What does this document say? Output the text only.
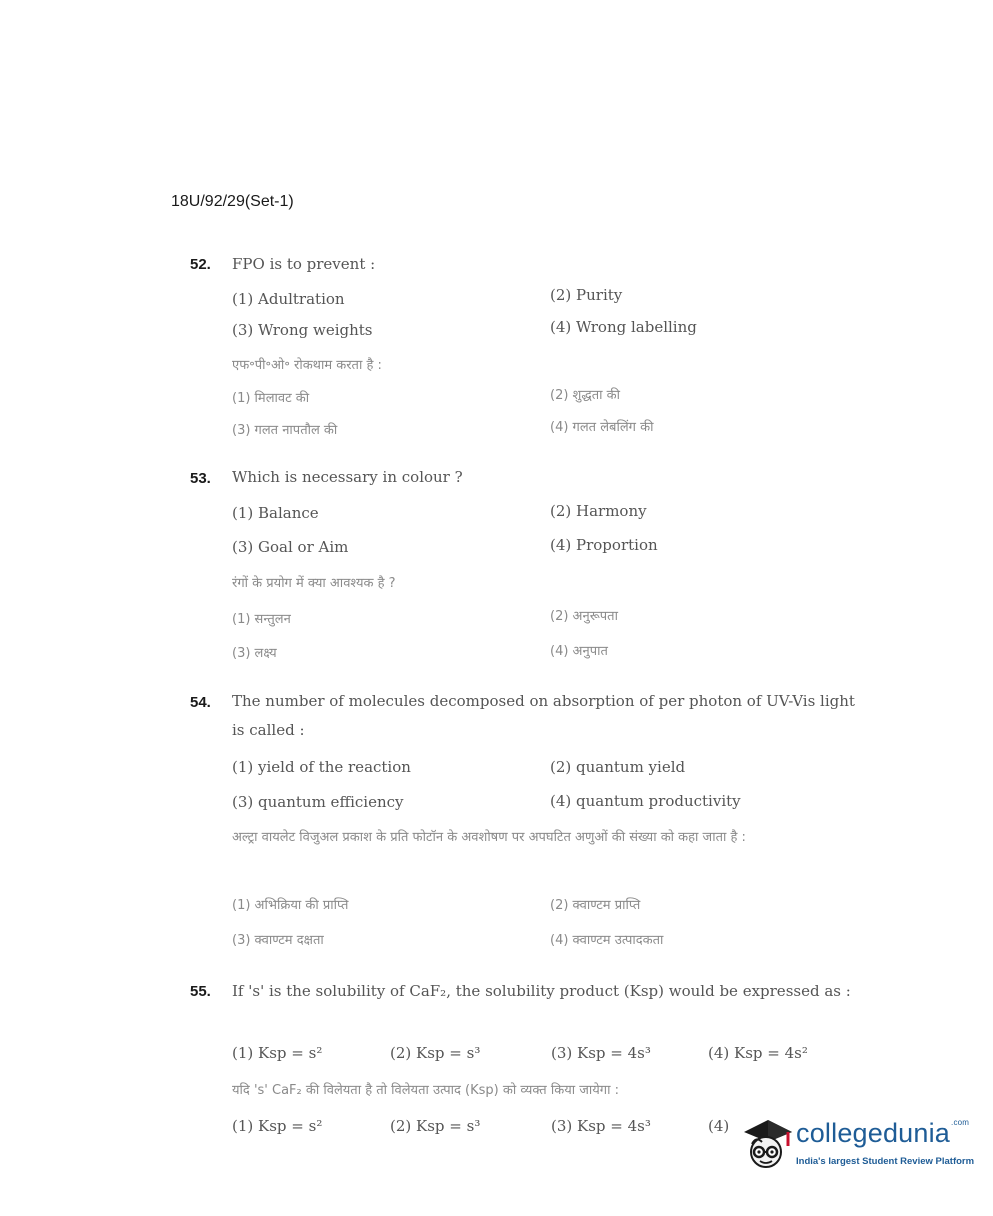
18U/92/29(Set-1)
52. FPO is to prevent :
(1) Adultration	(2) Purity
(3) Wrong weights	(4) Wrong labelling
एफ॰पी॰ओ॰ रोकथाम करता है :
(1) मिलावट की	(2) शुद्धता की
(3) गलत नापतौल की	(4) गलत लेबलिंग की
53. Which is necessary in colour ?
(1) Balance	(2) Harmony
(3) Goal or Aim	(4) Proportion
रंगों के प्रयोग में क्या आवश्यक है ?
(1) सन्तुलन	(2) अनुरूपता
(3) लक्ष्य	(4) अनुपात
54. The number of molecules decomposed on absorption of per photon of UV-Vis light is called :
(1) yield of the reaction	(2) quantum yield
(3) quantum efficiency	(4) quantum productivity
अल्ट्रा वायलेट विजुअल प्रकाश के प्रति फोटॉन के अवशोषण पर अपघटित अणुओं की संख्या को कहा जाता है :
(1) अभिक्रिया की प्राप्ति	(2) क्वाण्टम प्राप्ति
(3) क्वाण्टम दक्षता	(4) क्वाण्टम उत्पादकता
55. If 's' is the solubility of CaF₂, the solubility product (Ksp) would be expressed as :
(1) Ksp = s²	(2) Ksp = s³	(3) Ksp = 4s³	(4) Ksp = 4s²
यदि 's' CaF₂ की विलेयता है तो विलेयता उत्पाद (Ksp) को व्यक्त किया जायेगा :
(1) Ksp = s²	(2) Ksp = s³	(3) Ksp = 4s³	(4) collegedunia$^{.com}$
India's largest Student Review Platform
